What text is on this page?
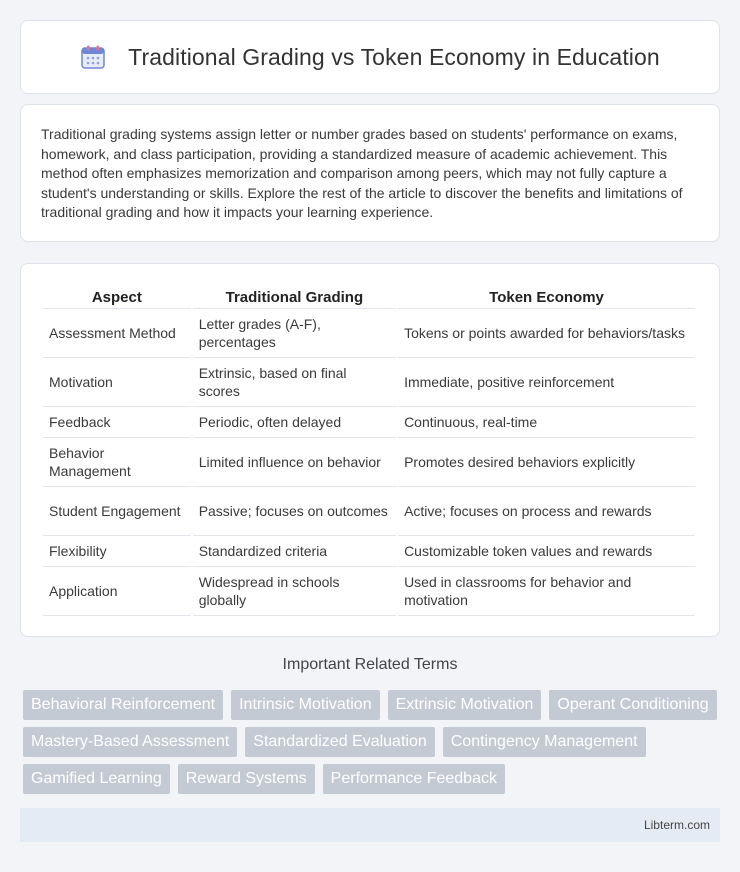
Traditional Grading vs Token Economy in Education

Traditional grading systems assign letter or number grades based on students' performance on exams, homework, and class participation, providing a standardized measure of academic achievement. This method often emphasizes memorization and comparison among peers, which may not fully capture a student's understanding or skills. Explore the rest of the article to discover the benefits and limitations of traditional grading and how it impacts your learning experience.

Aspect	Traditional Grading	Token Economy
Assessment Method	Letter grades (A-F), percentages	Tokens or points awarded for behaviors/tasks
Motivation	Extrinsic, based on final scores	Immediate, positive reinforcement
Feedback	Periodic, often delayed	Continuous, real-time
Behavior Management	Limited influence on behavior	Promotes desired behaviors explicitly
Student Engagement	Passive; focuses on outcomes	Active; focuses on process and rewards
Flexibility	Standardized criteria	Customizable token values and rewards
Application	Widespread in schools globally	Used in classrooms for behavior and motivation
Important Related Terms
Behavioral Reinforcement	Intrinsic Motivation	Extrinsic Motivation	Operant Conditioning
Mastery-Based Assessment	Standardized Evaluation	Contingency Management
Gamified Learning	Reward Systems	Performance Feedback
Libterm.com
